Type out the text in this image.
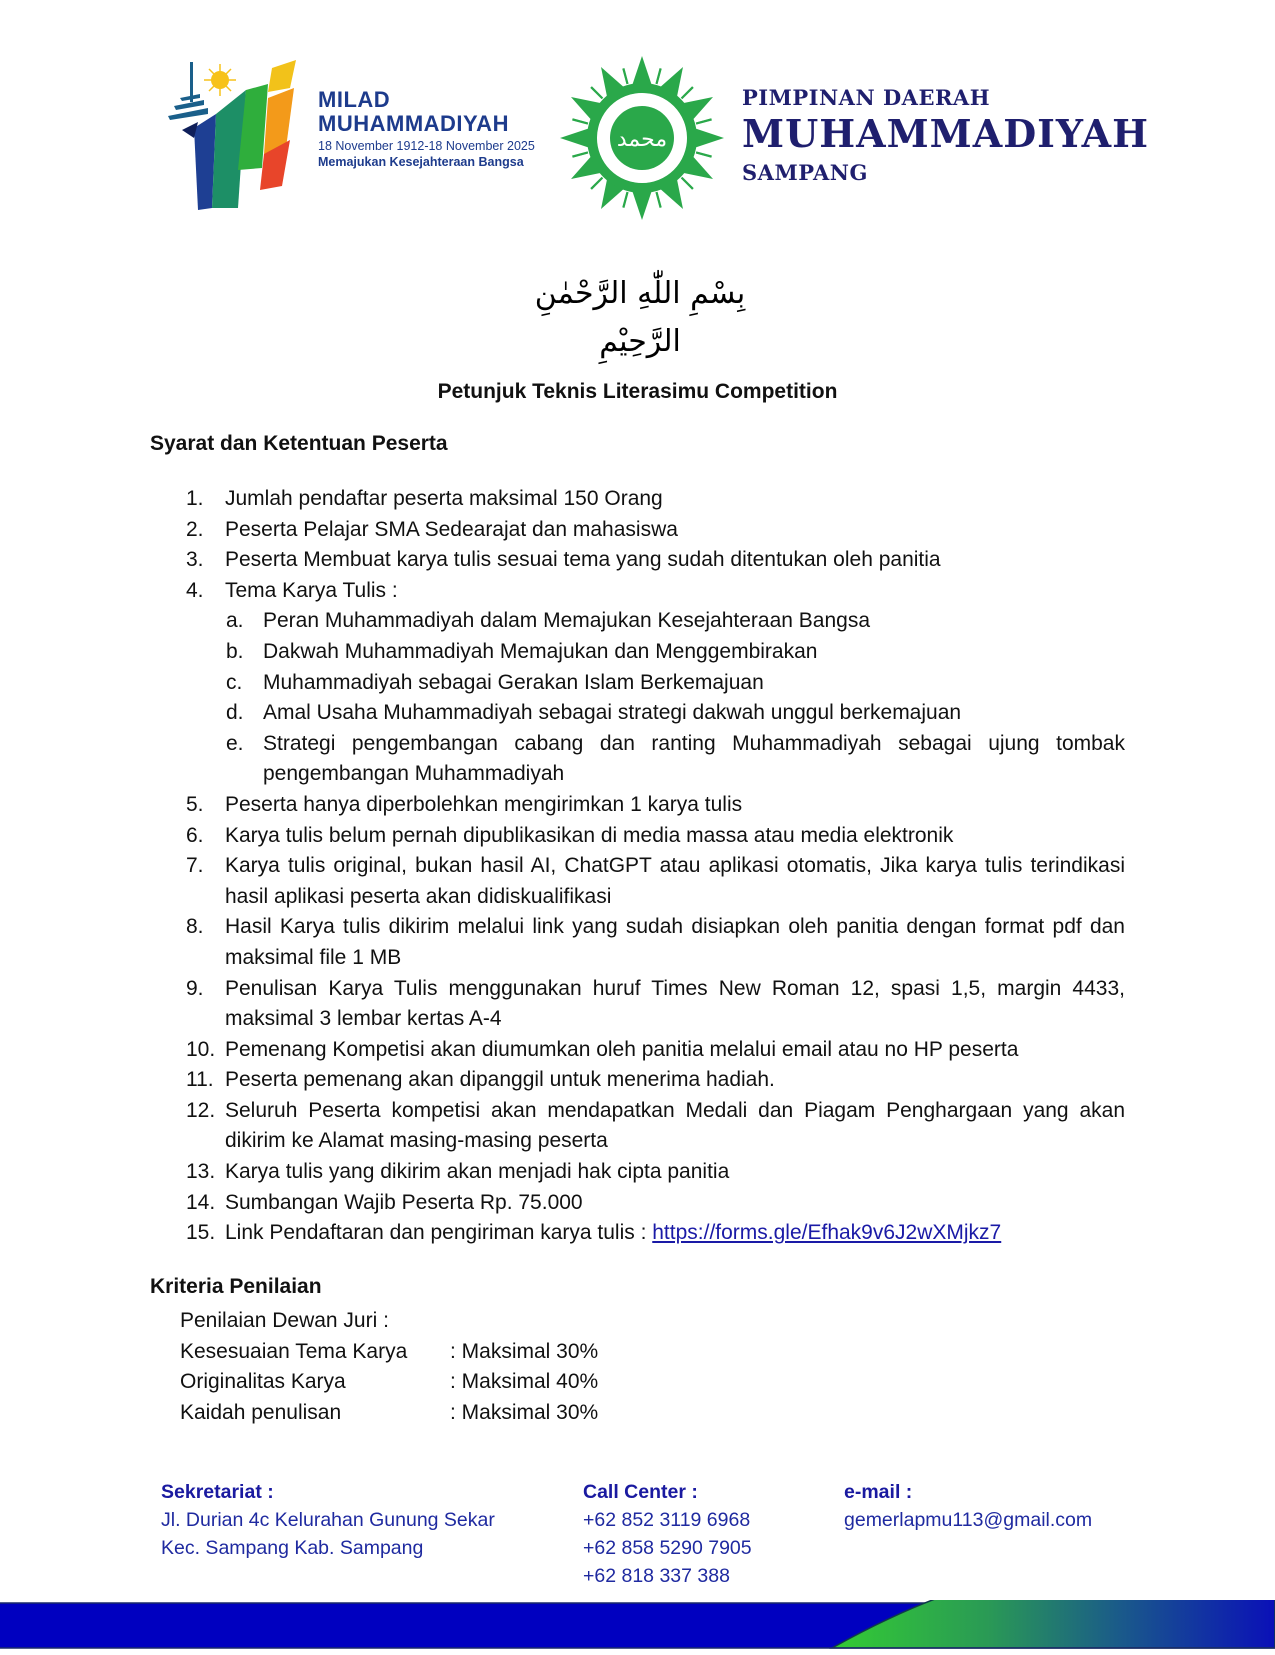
MILAD
MUHAMMADIYAH
18 November 1912-18 November 2025
Memajukan Kesejahteraan Bangsa
محمد
PIMPINAN DAERAH
MUHAMMADIYAH
SAMPANG
بِسْمِ اللّٰهِ الرَّحْمٰنِ الرَّحِيْمِ
Petunjuk Teknis Literasimu Competition
Syarat dan Ketentuan Peserta
1. Jumlah pendaftar peserta maksimal 150 Orang
2. Peserta Pelajar SMA Sedearajat dan mahasiswa
3. Peserta Membuat karya tulis sesuai tema yang sudah ditentukan oleh panitia
4. Tema Karya Tulis :
a. Peran Muhammadiyah dalam Memajukan Kesejahteraan Bangsa
b. Dakwah Muhammadiyah Memajukan dan Menggembirakan
c. Muhammadiyah sebagai Gerakan Islam Berkemajuan
d. Amal Usaha Muhammadiyah sebagai strategi dakwah unggul berkemajuan
e. Strategi pengembangan cabang dan ranting Muhammadiyah sebagai ujung tombak pengembangan Muhammadiyah
5. Peserta hanya diperbolehkan mengirimkan 1 karya tulis
6. Karya tulis belum pernah dipublikasikan di media massa atau media elektronik
7. Karya tulis original, bukan hasil AI, ChatGPT atau aplikasi otomatis, Jika karya tulis terindikasi hasil aplikasi peserta akan didiskualifikasi
8. Hasil Karya tulis dikirim melalui link yang sudah disiapkan oleh panitia dengan format pdf dan maksimal file 1 MB
9. Penulisan Karya Tulis menggunakan huruf Times New Roman 12, spasi 1,5, margin 4433, maksimal 3 lembar kertas A-4
10. Pemenang Kompetisi akan diumumkan oleh panitia melalui email atau no HP peserta
11. Peserta pemenang akan dipanggil untuk menerima hadiah.
12. Seluruh Peserta kompetisi akan mendapatkan Medali dan Piagam Penghargaan yang akan dikirim ke Alamat masing-masing peserta
13. Karya tulis yang dikirim akan menjadi hak cipta panitia
14. Sumbangan Wajib Peserta Rp. 75.000
15. Link Pendaftaran dan pengiriman karya tulis : https://forms.gle/Efhak9v6J2wXMjkz7
Kriteria Penilaian
Penilaian Dewan Juri :
Kesesuaian Tema Karya	: Maksimal 30%
Originalitas Karya	: Maksimal 40%
Kaidah penulisan	: Maksimal 30%
Sekretariat :
Jl. Durian 4c Kelurahan Gunung Sekar
Kec. Sampang Kab. Sampang
Call Center :
+62 852 3119 6968
+62 858 5290 7905
+62 818 337 388
e-mail :
gemerlapmu113@gmail.com
